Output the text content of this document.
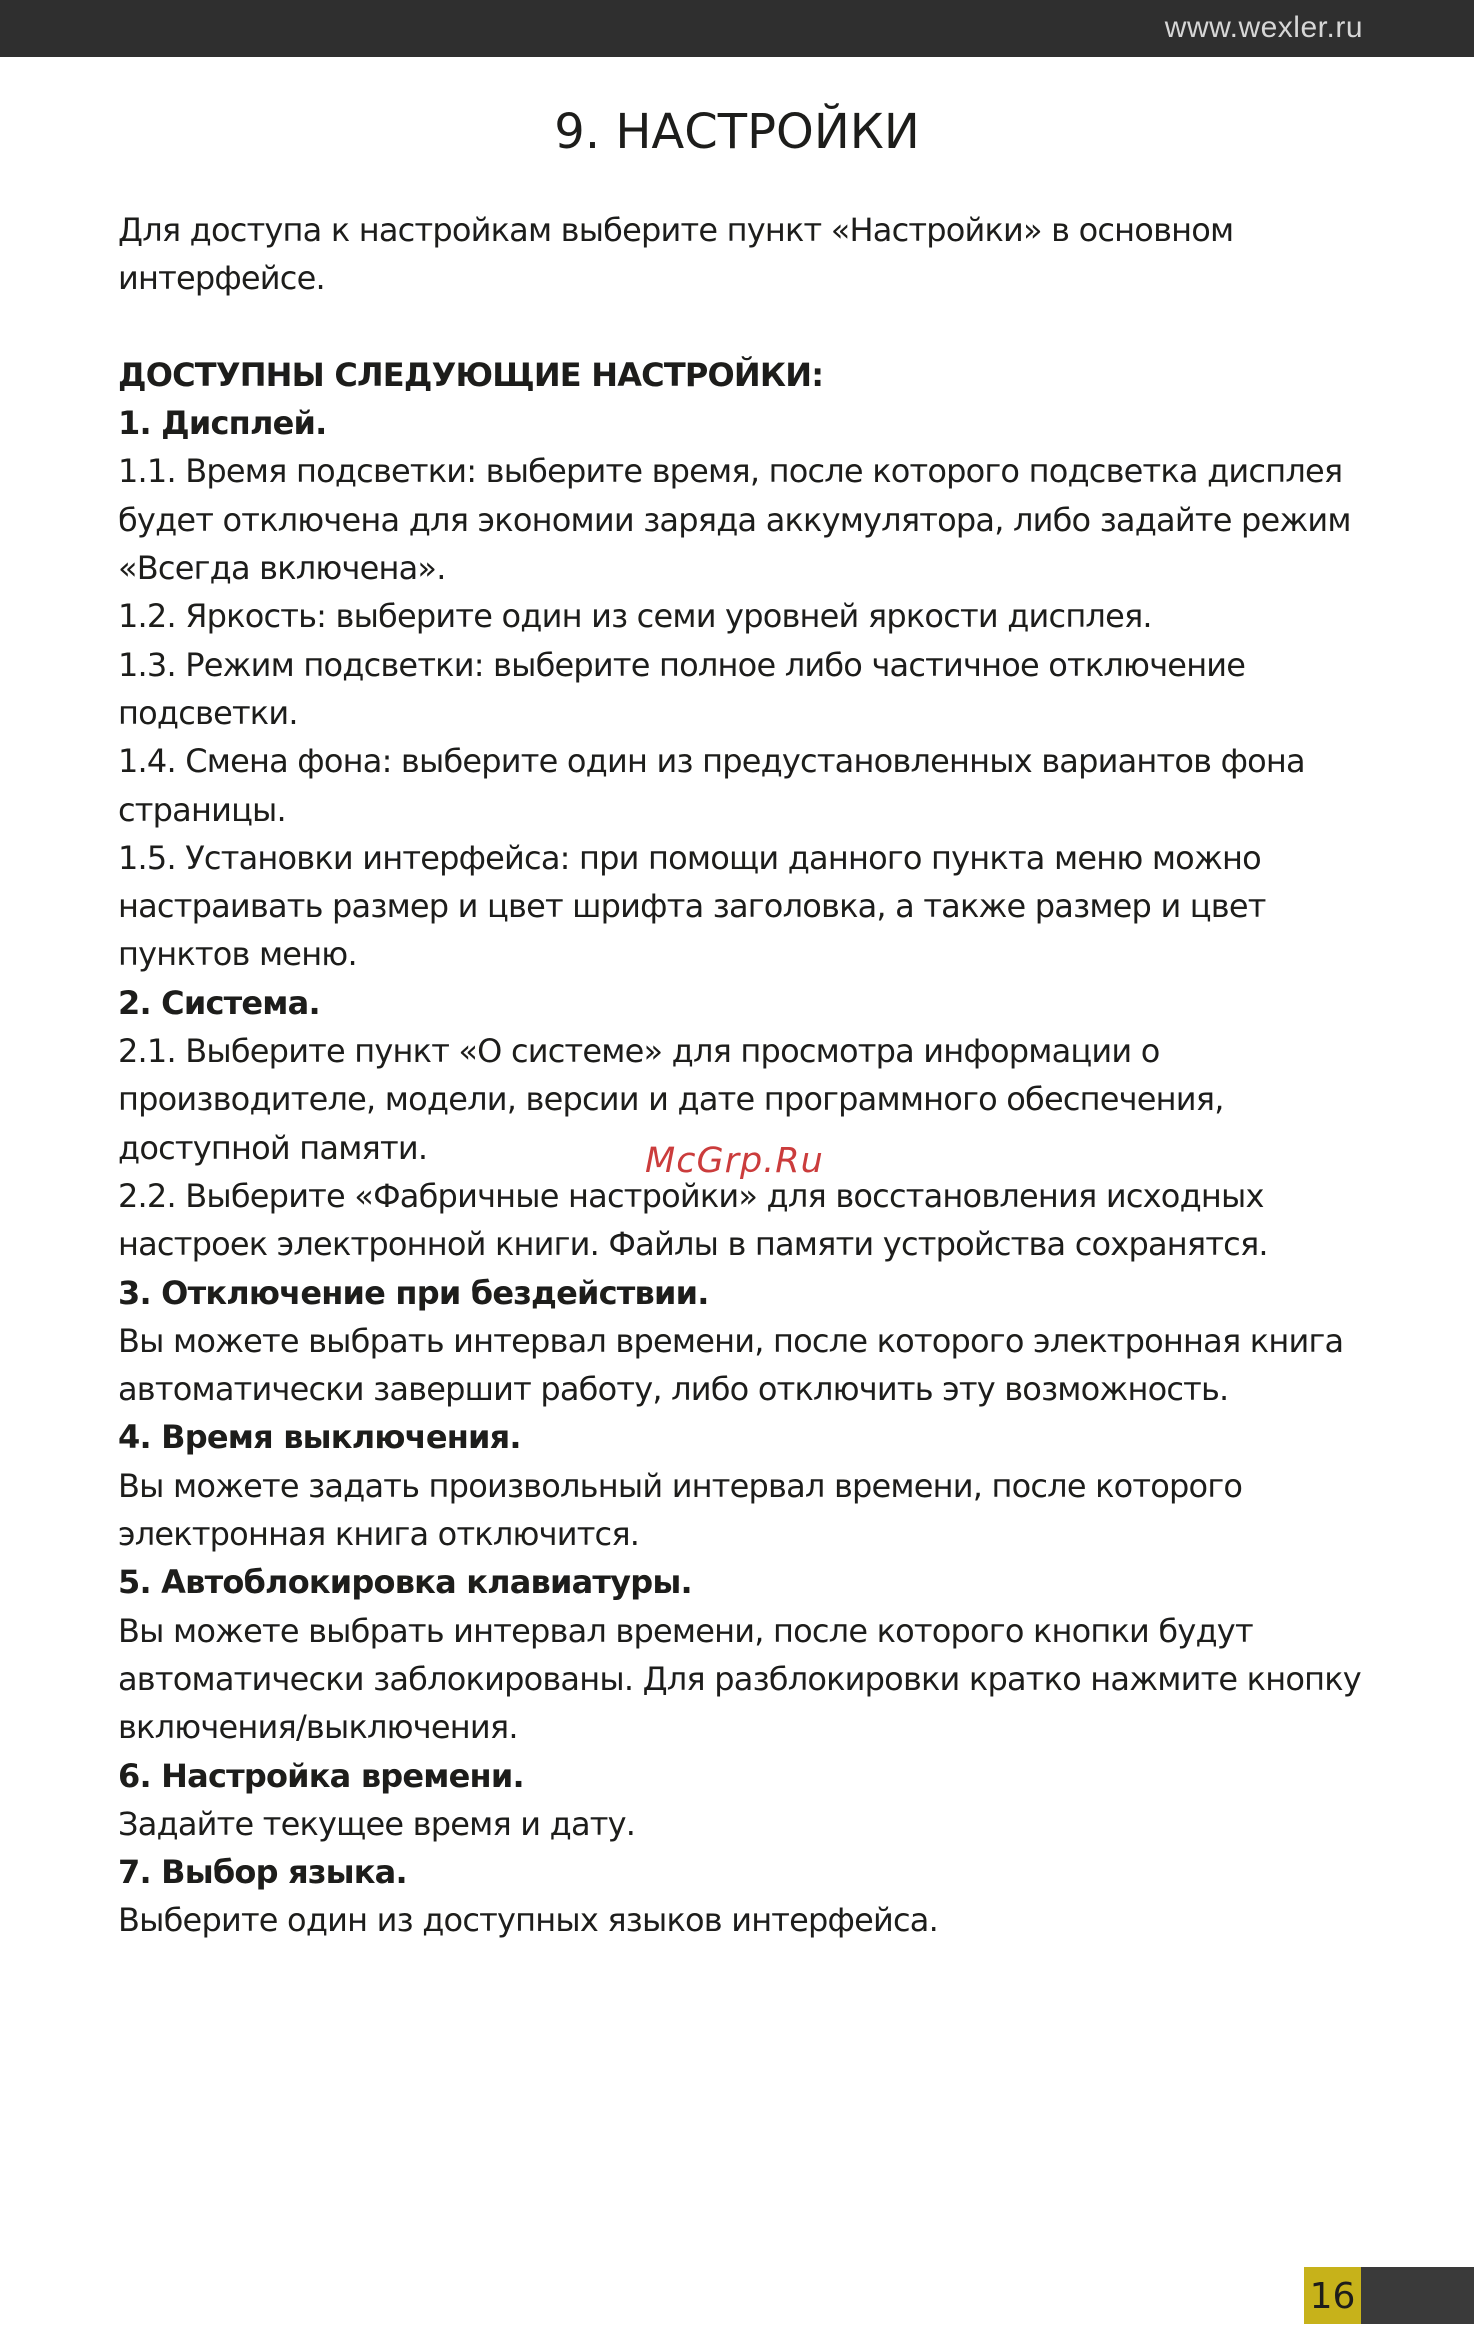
www.wexler.ru
9. НАСТРОЙКИ

Для доступа к настройкам выберите пункт «Настройки» в основном интерфейсе.

ДОСТУПНЫ СЛЕДУЮЩИЕ НАСТРОЙКИ:

1. Дисплей.

1.1. Время подсветки: выберите время, после которого подсветка дисплея будет отключена для экономии заряда аккумулятора, либо задайте режим «Всегда включена».

1.2. Яркость: выберите один из семи уровней яркости дисплея.

1.3. Режим подсветки: выберите полное либо частичное отключение подсветки.

1.4. Смена фона: выберите один из предустановленных вариантов фона страницы.

1.5. Установки интерфейса: при помощи данного пункта меню можно настраивать размер и цвет шрифта заголовка, а также размер и цвет пунктов меню.

2. Система.

2.1. Выберите пункт «О системе» для просмотра информации о производителе, модели, версии и дате программного обеспечения, доступной памяти.

2.2. Выберите «Фабричные настройки» для восстановления исходных настроек электронной книги. Файлы в памяти устройства сохранятся.

3. Отключение при бездействии.

Вы можете выбрать интервал времени, после которого электронная книга автоматически завершит работу, либо отключить эту возможность.

4. Время выключения.

Вы можете задать произвольный интервал времени, после которого электронная книга отключится.

5. Автоблокировка клавиатуры.

Вы можете выбрать интервал времени, после которого кнопки будут автоматически заблокированы. Для разблокировки кратко нажмите кнопку включения/выключения.

6. Настройка времени.

Задайте текущее время и дату.

7. Выбор языка.

Выберите один из доступных языков интерфейса.

McGrp.Ru
16
